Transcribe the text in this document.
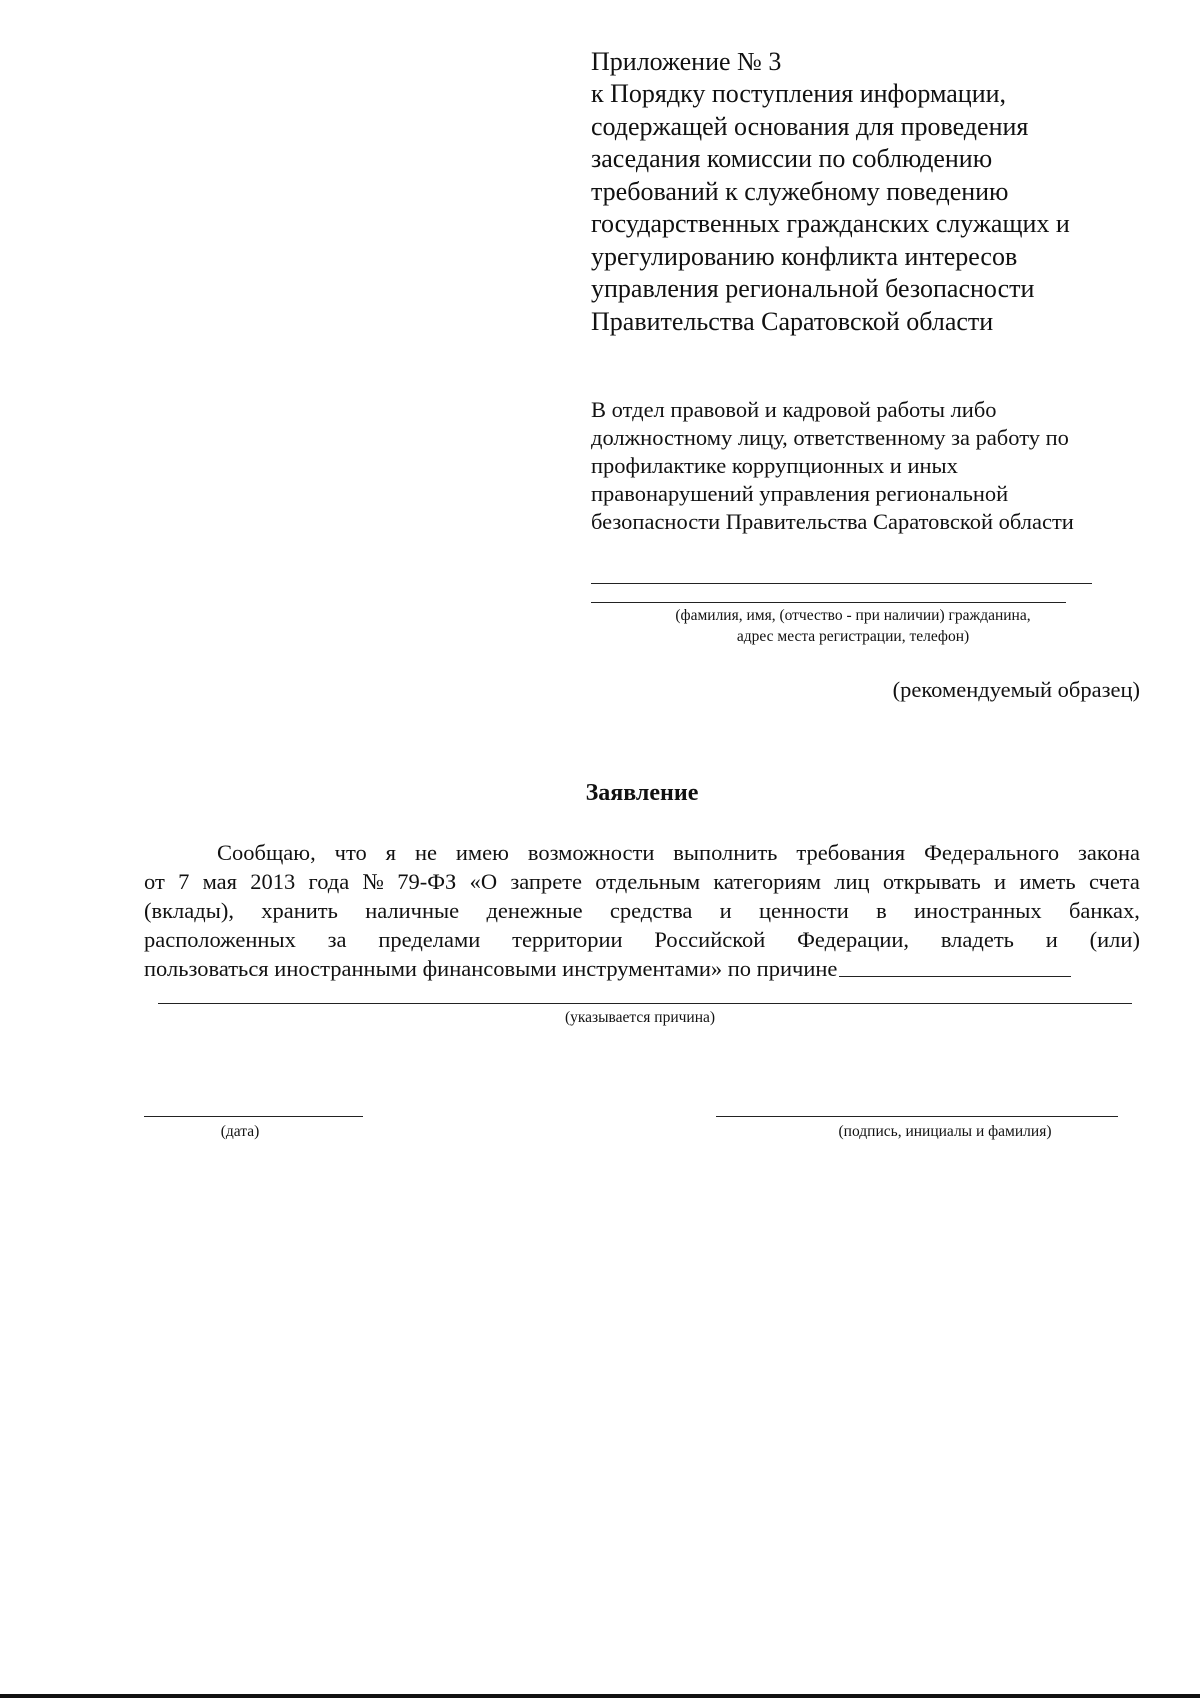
Приложение № 3
к Порядку поступления информации,
содержащей основания для проведения
заседания комиссии по соблюдению
требований к служебному поведению
государственных гражданских служащих и
урегулированию конфликта интересов
управления региональной безопасности
Правительства Саратовской области
В отдел правовой и кадровой работы либо
должностному лицу, ответственному за работу по
профилактике коррупционных и иных
правонарушений управления региональной
безопасности Правительства Саратовской области
(фамилия, имя, (отчество - при наличии) гражданина,
адрес места регистрации, телефон)
(рекомендуемый образец)
Заявление
Сообщаю, что я не имею возможности выполнить требования Федерального закона
от 7 мая 2013 года № 79-ФЗ «О запрете отдельным категориям лиц открывать и иметь счета
(вклады), хранить наличные денежные средства и ценности в иностранных банках,
расположенных за пределами территории Российской Федерации, владеть и (или)
пользоваться иностранными финансовыми инструментами» по причине
(указывается причина)
(дата)	(подпись, инициалы и фамилия)
